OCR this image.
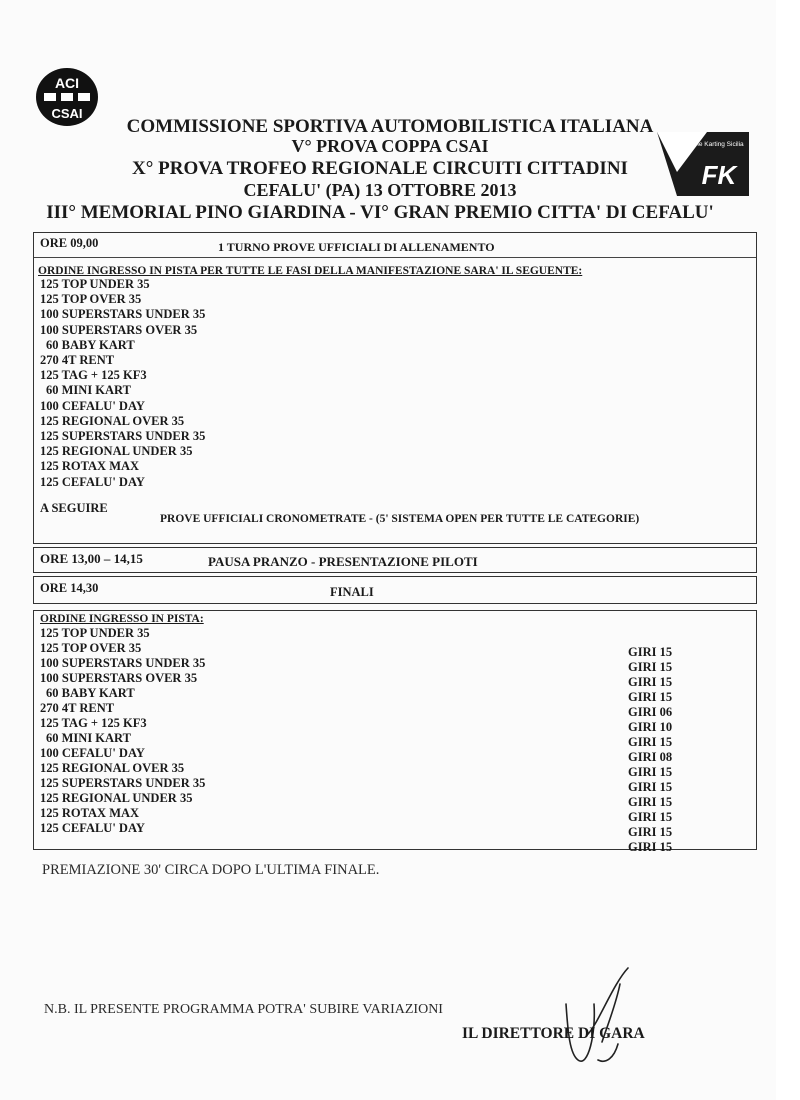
ACI
CSAI
Federazione Karting Sicilia
FK

COMMISSIONE SPORTIVA AUTOMOBILISTICA ITALIANA

V° PROVA COPPA CSAI

X° PROVA TROFEO REGIONALE CIRCUITI CITTADINI

CEFALU' (PA) 13 OTTOBRE 2013

III° MEMORIAL PINO GIARDINA - VI° GRAN PREMIO CITTA' DI CEFALU'

ORE 09,00	1 TURNO PROVE UFFICIALI DI ALLENAMENTO
ORDINE INGRESSO IN PISTA PER TUTTE LE FASI DELLA MANIFESTAZIONE SARA' IL SEGUENTE:
125 TOP UNDER 35
125 TOP OVER 35
100 SUPERSTARS UNDER 35
100 SUPERSTARS OVER 35
60 BABY KART
270 4T RENT
125 TAG + 125 KF3
60 MINI KART
100 CEFALU' DAY
125 REGIONAL OVER 35
125 SUPERSTARS UNDER 35
125 REGIONAL UNDER 35
125 ROTAX MAX
125 CEFALU' DAY
A SEGUIRE
PROVE UFFICIALI CRONOMETRATE - (5' SISTEMA OPEN PER TUTTE LE CATEGORIE)
ORE 13,00 – 14,15	PAUSA PRANZO - PRESENTAZIONE PILOTI
ORE 14,30	FINALI
ORDINE INGRESSO IN PISTA:
125 TOP UNDER 35
125 TOP OVER 35	GIRI 15
100 SUPERSTARS UNDER 35	GIRI 15
100 SUPERSTARS OVER 35	GIRI 15
60 BABY KART	GIRI 15
270 4T RENT	GIRI 06
125 TAG + 125 KF3	GIRI 10
60 MINI KART	GIRI 15
100 CEFALU' DAY	GIRI 08
125 REGIONAL OVER 35	GIRI 15
125 SUPERSTARS UNDER 35	GIRI 15
125 REGIONAL UNDER 35	GIRI 15
125 ROTAX MAX	GIRI 15
125 CEFALU' DAY	GIRI 15
GIRI 15

PREMIAZIONE 30' CIRCA DOPO L'ULTIMA FINALE.

N.B. IL PRESENTE PROGRAMMA POTRA' SUBIRE VARIAZIONI

IL DIRETTORE DI GARA
